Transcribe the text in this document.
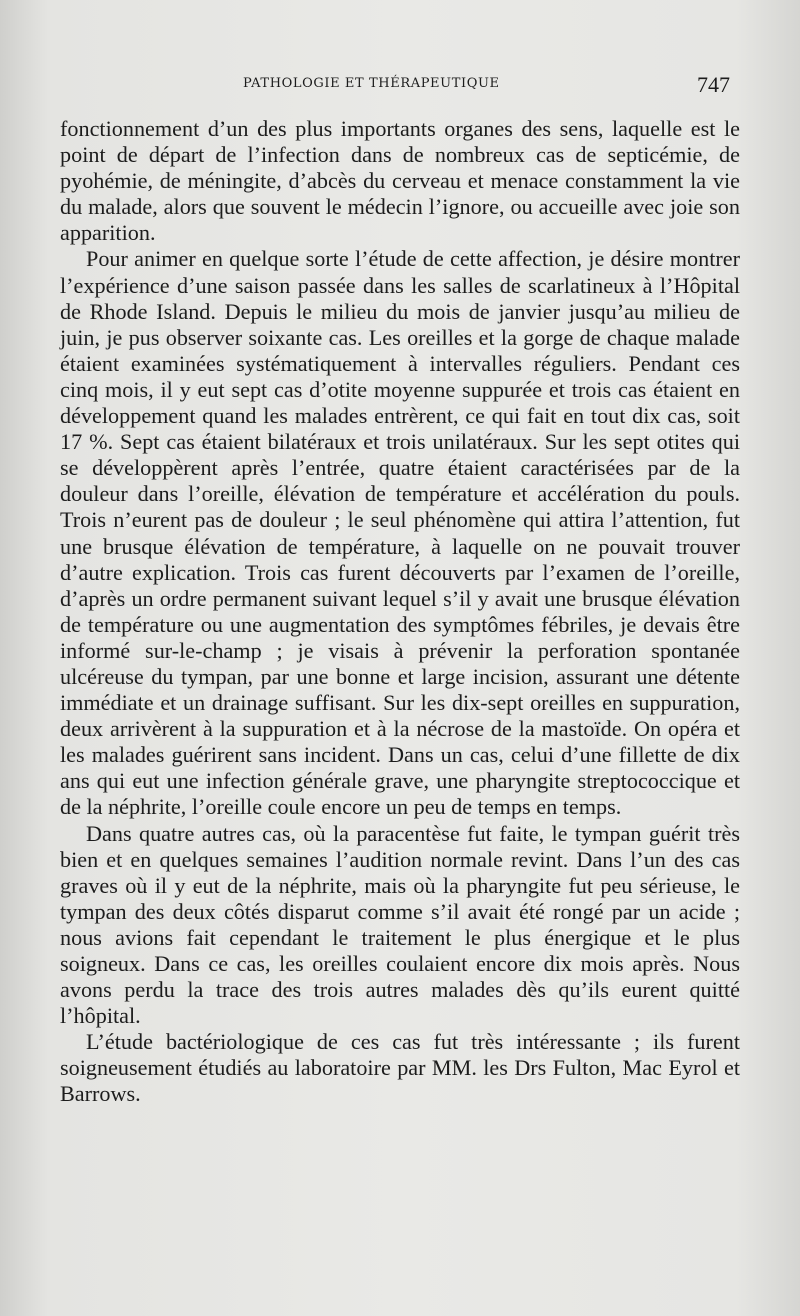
PATHOLOGIE ET THÉRAPEUTIQUE	747

fonctionnement d’un des plus importants organes des sens, laquelle est le point de départ de l’infection dans de nombreux cas de septicémie, de pyohémie, de méningite, d’abcès du cerveau et menace constamment la vie du malade, alors que souvent le médecin l’ignore, ou accueille avec joie son apparition.

Pour animer en quelque sorte l’étude de cette affection, je désire montrer l’expérience d’une saison passée dans les salles de scarlatineux à l’Hôpital de Rhode Island. Depuis le milieu du mois de janvier jusqu’au milieu de juin, je pus observer soixante cas. Les oreilles et la gorge de chaque malade étaient examinées systématiquement à intervalles réguliers. Pendant ces cinq mois, il y eut sept cas d’otite moyenne suppurée et trois cas étaient en développement quand les malades entrèrent, ce qui fait en tout dix cas, soit 17 %. Sept cas étaient bilatéraux et trois unilatéraux. Sur les sept otites qui se développèrent après l’entrée, quatre étaient caractérisées par de la douleur dans l’oreille, élévation de température et accélération du pouls. Trois n’eurent pas de douleur ; le seul phénomène qui attira l’attention, fut une brusque élévation de température, à laquelle on ne pouvait trouver d’autre explication. Trois cas furent découverts par l’examen de l’oreille, d’après un ordre permanent suivant lequel s’il y avait une brusque élévation de température ou une augmentation des symptômes fébriles, je devais être informé sur-le-champ ; je visais à prévenir la perforation spontanée ulcéreuse du tympan, par une bonne et large incision, assurant une détente immédiate et un drainage suffisant. Sur les dix-sept oreilles en suppuration, deux arrivèrent à la suppuration et à la nécrose de la mastoïde. On opéra et les malades guérirent sans incident. Dans un cas, celui d’une fillette de dix ans qui eut une infection générale grave, une pharyngite streptococcique et de la néphrite, l’oreille coule encore un peu de temps en temps.

Dans quatre autres cas, où la paracentèse fut faite, le tympan guérit très bien et en quelques semaines l’audition normale revint. Dans l’un des cas graves où il y eut de la néphrite, mais où la pharyngite fut peu sérieuse, le tympan des deux côtés disparut comme s’il avait été rongé par un acide ; nous avions fait cependant le traitement le plus énergique et le plus soigneux. Dans ce cas, les oreilles coulaient encore dix mois après. Nous avons perdu la trace des trois autres malades dès qu’ils eurent quitté l’hôpital.

L’étude bactériologique de ces cas fut très intéressante ; ils furent soigneusement étudiés au laboratoire par MM. les Drs Fulton, Mac Eyrol et Barrows.
